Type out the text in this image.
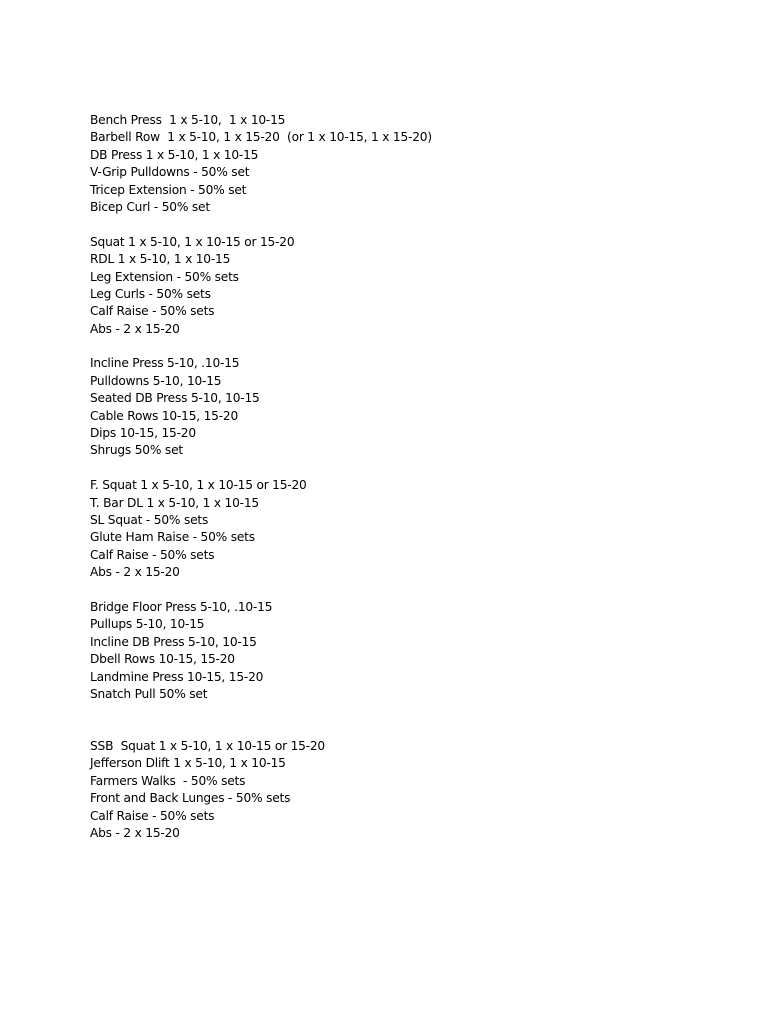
Bench Press  1 x 5-10,  1 x 10-15
Barbell Row  1 x 5-10, 1 x 15-20  (or 1 x 10-15, 1 x 15-20)
DB Press 1 x 5-10, 1 x 10-15
V-Grip Pulldowns - 50% set
Tricep Extension - 50% set
Bicep Curl - 50% set
Squat 1 x 5-10, 1 x 10-15 or 15-20
RDL 1 x 5-10, 1 x 10-15
Leg Extension - 50% sets
Leg Curls - 50% sets
Calf Raise - 50% sets
Abs - 2 x 15-20
Incline Press 5-10, .10-15
Pulldowns 5-10, 10-15
Seated DB Press 5-10, 10-15
Cable Rows 10-15, 15-20
Dips 10-15, 15-20
Shrugs 50% set
F. Squat 1 x 5-10, 1 x 10-15 or 15-20
T. Bar DL 1 x 5-10, 1 x 10-15
SL Squat - 50% sets
Glute Ham Raise - 50% sets
Calf Raise - 50% sets
Abs - 2 x 15-20
Bridge Floor Press 5-10, .10-15
Pullups 5-10, 10-15
Incline DB Press 5-10, 10-15
Dbell Rows 10-15, 15-20
Landmine Press 10-15, 15-20
Snatch Pull 50% set
SSB  Squat 1 x 5-10, 1 x 10-15 or 15-20
Jefferson Dlift 1 x 5-10, 1 x 10-15
Farmers Walks  - 50% sets
Front and Back Lunges - 50% sets
Calf Raise - 50% sets
Abs - 2 x 15-20
